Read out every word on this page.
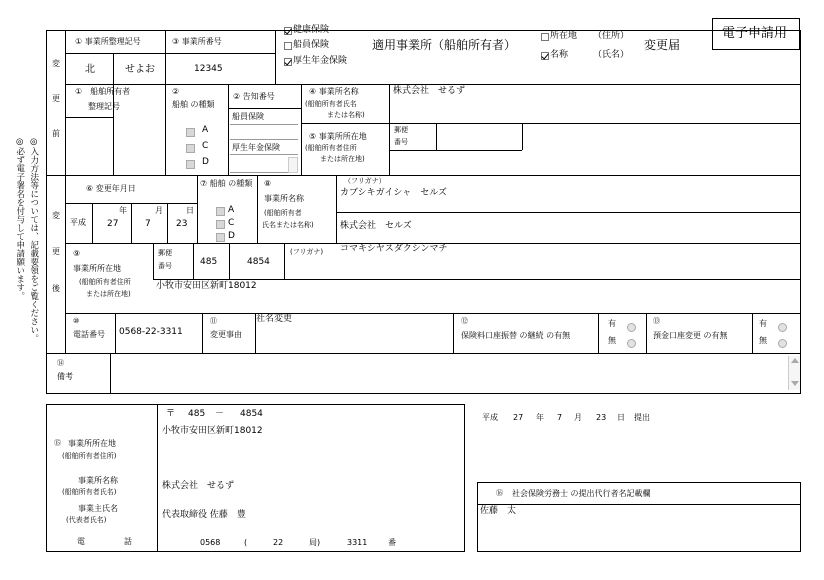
健康保険
船員保険
厚生年金保険
適用事業所（船舶所有者）
所在地 （住所）
名称	（氏名）
変更届
電子申請用
◎入力方法等については、記載要領をご覧ください。
◎必ず電子署名を付与して申請願います。
変
更
前
変
更
後
① 事業所整理記号
北	せよお
③ 事業所番号
12345
①　船舶所有者
整理記号
②
船舶 の種類
A
C
D
② 告知番号
船員保険
厚生年金保険
④ 事業所名称
(船舶所有者氏名
または名称)
株式会社　せるず
⑤ 事業所所在地
(船舶所有者住所
または所在地)
郵便
番号
⑥ 変更年月日
平成
年	月	日
27	7	23
⑦ 船舶 の種類
A
C
D
⑧
事業所名称
(船舶所有者
氏名または名称)
（フリガナ）
カブシキガイシャ　セルズ
株式会社　セルズ
⑨
事業所所在地
(船舶所有者住所
または所在地)
郵便
番号	485	4854
(フリガナ) コマキシヤスダクシンマチ
小牧市安田区新町18012
⑩
電話番号 0568-22-3311
⑪
変更事由
社名変更	⑫
保険料口座振替 の継続 の有無
有
無
⑬
預金口座変更 の有無
有
無
⑭
備考
〒 485 － 4854
⑮ 事業所所在地
(船舶所有者住所)
小牧市安田区新町18012
事業所名称
(船舶所有者氏名)
株式会社　せるず
事業主氏名
(代表者氏名)	代表取締役 佐藤　豊
電	話	0568	(	22	局)	3311	番
平成 27 年 7 月 23 日 提出
⑯ 社会保険労務士 の提出代行者名記載欄
佐藤　太
